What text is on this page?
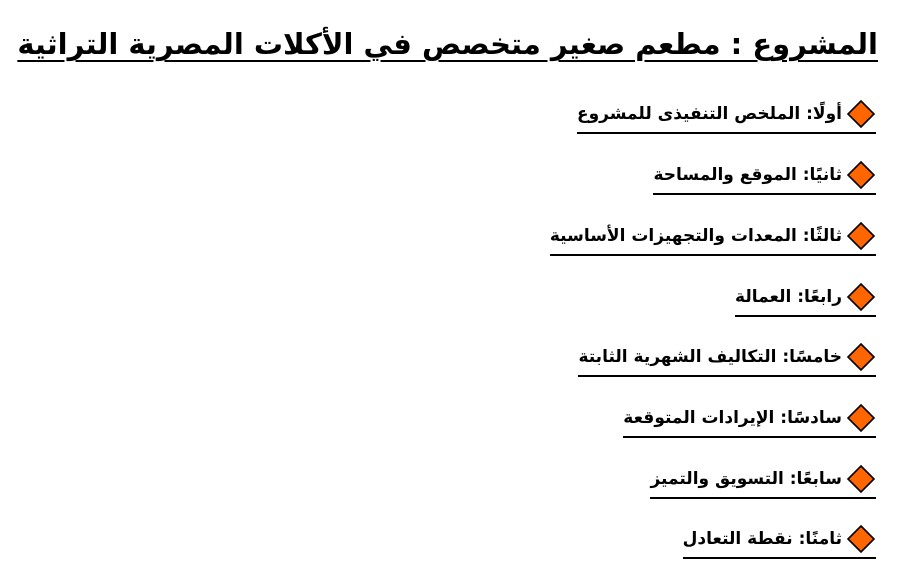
المشروع : مطعم صغير متخصص في الأكلات المصرية التراثية
أولًا: الملخص التنفيذى للمشروع
ثانيًا: الموقع والمساحة
ثالثًا: المعدات والتجهيزات الأساسية
رابعًا: العمالة
خامسًا: التكاليف الشهرية الثابتة
سادسًا: الإيرادات المتوقعة
سابعًا: التسويق والتميز
ثامنًا: نقطة التعادل
